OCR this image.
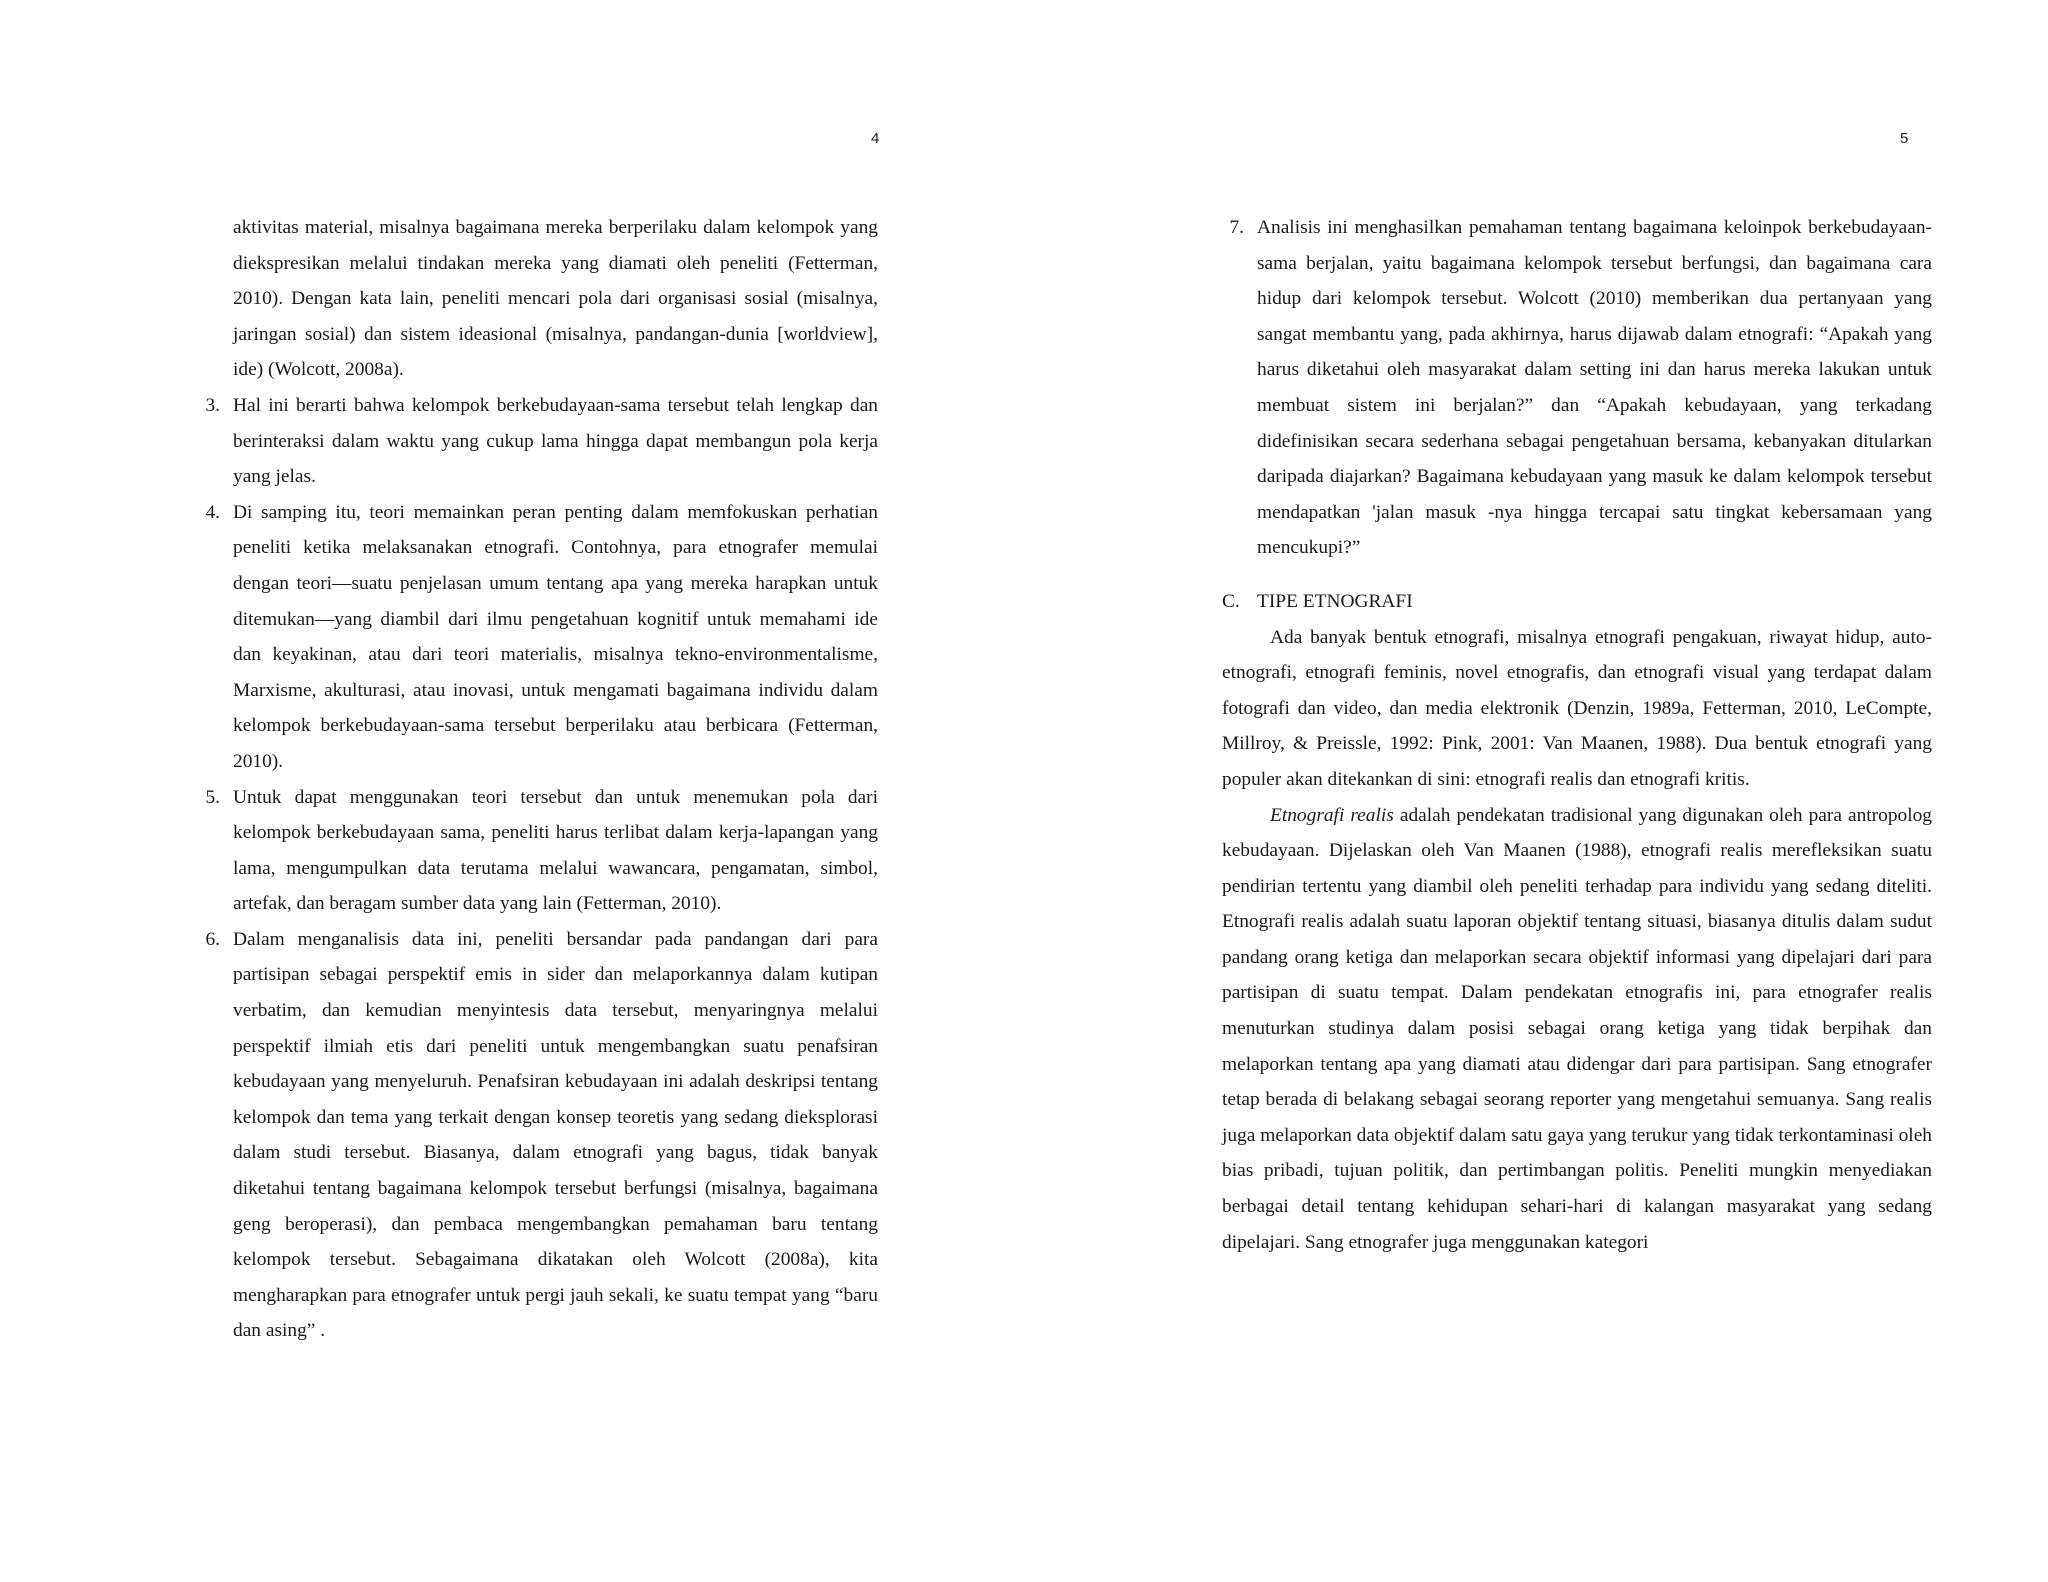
4

aktivitas material, misalnya bagaimana mereka berperilaku dalam kelompok yang diekspresikan melalui tindakan mereka yang diamati oleh peneliti (Fetterman, 2010). Dengan kata lain, peneliti mencari pola dari organisasi sosial (misalnya, jaringan sosial) dan sistem ideasional (misalnya, pandangan-dunia [worldview], ide) (Wolcott, 2008a).

3. Hal ini berarti bahwa kelompok berkebudayaan-sama tersebut telah lengkap dan berinteraksi dalam waktu yang cukup lama hingga dapat membangun pola kerja yang jelas.
4. Di samping itu, teori memainkan peran penting dalam memfokuskan perhatian peneliti ketika melaksanakan etnografi. Contohnya, para etnografer memulai dengan teori—suatu penjelasan umum tentang apa yang mereka harapkan untuk ditemukan—yang diambil dari ilmu pengetahuan kognitif untuk memahami ide dan keyakinan, atau dari teori materialis, misalnya tekno-environmentalisme, Marxisme, akulturasi, atau inovasi, untuk mengamati bagaimana individu dalam kelompok berkebudayaan-sama tersebut berperilaku atau berbicara (Fetterman, 2010).
5. Untuk dapat menggunakan teori tersebut dan untuk menemukan pola dari kelompok berkebudayaan sama, peneliti harus terlibat dalam kerja-lapangan yang lama, mengumpulkan data terutama melalui wawancara, pengamatan, simbol, artefak, dan beragam sumber data yang lain (Fetterman, 2010).
6. Dalam menganalisis data ini, peneliti bersandar pada pandangan dari para partisipan sebagai perspektif emis in sider dan melaporkannya dalam kutipan verbatim, dan kemudian menyintesis data tersebut, menyaringnya melalui perspektif ilmiah etis dari peneliti untuk mengembangkan suatu penafsiran kebudayaan yang menyeluruh. Penafsiran kebudayaan ini adalah deskripsi tentang kelompok dan tema yang terkait dengan konsep teoretis yang sedang dieksplorasi dalam studi tersebut. Biasanya, dalam etnografi yang bagus, tidak banyak diketahui tentang bagaimana kelompok tersebut berfungsi (misalnya, bagaimana geng beroperasi), dan pembaca mengembangkan pemahaman baru tentang kelompok tersebut. Sebagaimana dikatakan oleh Wolcott (2008a), kita mengharapkan para etnografer untuk pergi jauh sekali, ke suatu tempat yang “baru dan asing” .
5
7. Analisis ini menghasilkan pemahaman tentang bagaimana keloinpok berkebudayaan-sama berjalan, yaitu bagaimana kelompok tersebut berfungsi, dan bagaimana cara hidup dari kelompok tersebut. Wolcott (2010) memberikan dua pertanyaan yang sangat membantu yang, pada akhirnya, harus dijawab dalam etnografi: “Apakah yang harus diketahui oleh masyarakat dalam setting ini dan harus mereka lakukan untuk membuat sistem ini berjalan?” dan “Apakah kebudayaan, yang terkadang didefinisikan secara sederhana sebagai pengetahuan bersama, kebanyakan ditularkan daripada diajarkan? Bagaimana kebudayaan yang masuk ke dalam kelompok tersebut mendapatkan 'jalan masuk -nya hingga tercapai satu tingkat kebersamaan yang mencukupi?”
C. TIPE ETNOGRAFI

Ada banyak bentuk etnografi, misalnya etnografi pengakuan, riwayat hidup, auto-etnografi, etnografi feminis, novel etnografis, dan etnografi visual yang terdapat dalam fotografi dan video, dan media elektronik (Denzin, 1989a, Fetterman, 2010, LeCompte, Millroy, & Preissle, 1992: Pink, 2001: Van Maanen, 1988). Dua bentuk etnografi yang populer akan ditekankan di sini: etnografi realis dan etnografi kritis.

Etnografi realis adalah pendekatan tradisional yang digunakan oleh para antropolog kebudayaan. Dijelaskan oleh Van Maanen (1988), etnografi realis merefleksikan suatu pendirian tertentu yang diambil oleh peneliti terhadap para individu yang sedang diteliti. Etnografi realis adalah suatu laporan objektif tentang situasi, biasanya ditulis dalam sudut pandang orang ketiga dan melaporkan secara objektif informasi yang dipelajari dari para partisipan di suatu tempat. Dalam pendekatan etnografis ini, para etnografer realis menuturkan studinya dalam posisi sebagai orang ketiga yang tidak berpihak dan melaporkan tentang apa yang diamati atau didengar dari para partisipan. Sang etnografer tetap berada di belakang sebagai seorang reporter yang mengetahui semuanya. Sang realis juga melaporkan data objektif dalam satu gaya yang terukur yang tidak terkontaminasi oleh bias pribadi, tujuan politik, dan pertimbangan politis. Peneliti mungkin menyediakan berbagai detail tentang kehidupan sehari-hari di kalangan masyarakat yang sedang dipelajari. Sang etnografer juga menggunakan kategori
